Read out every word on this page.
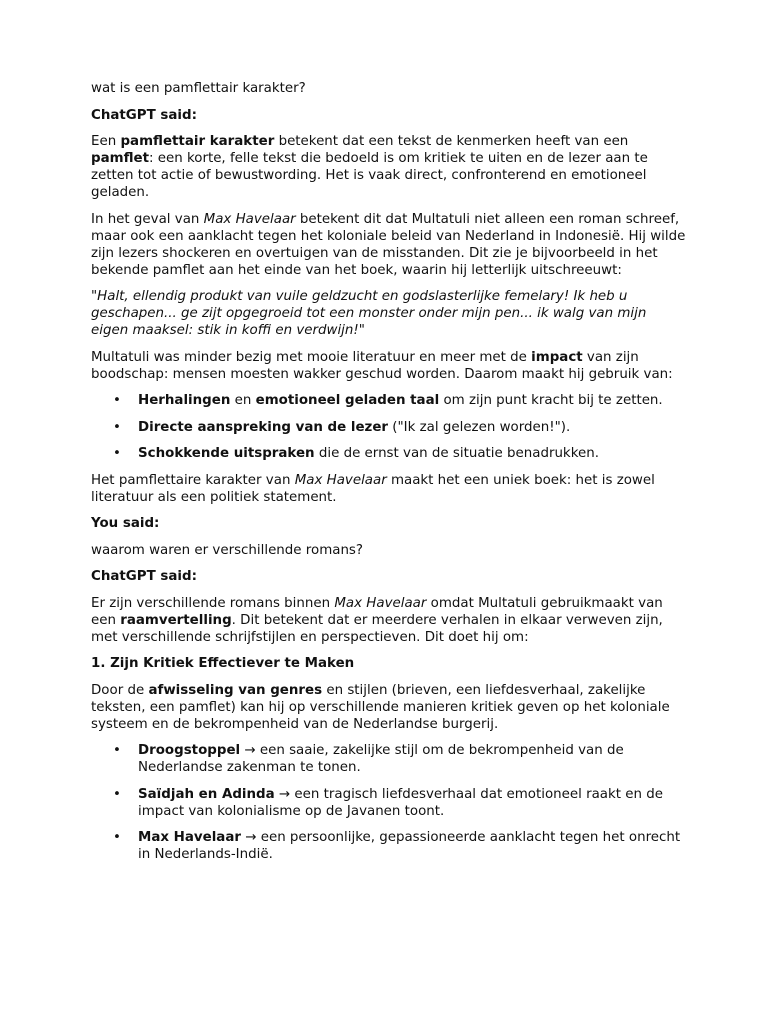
wat is een pamflettair karakter?

ChatGPT said:

Een pamflettair karakter betekent dat een tekst de kenmerken heeft van een pamflet: een korte, felle tekst die bedoeld is om kritiek te uiten en de lezer aan te zetten tot actie of bewustwording. Het is vaak direct, confronterend en emotioneel geladen.

In het geval van Max Havelaar betekent dit dat Multatuli niet alleen een roman schreef, maar ook een aanklacht tegen het koloniale beleid van Nederland in Indonesië. Hij wilde zijn lezers shockeren en overtuigen van de misstanden. Dit zie je bijvoorbeeld in het bekende pamflet aan het einde van het boek, waarin hij letterlijk uitschreeuwt:

"Halt, ellendig produkt van vuile geldzucht en godslasterlijke femelary! Ik heb u geschapen... ge zijt opgegroeid tot een monster onder mijn pen... ik walg van mijn eigen maaksel: stik in koffi en verdwijn!"

Multatuli was minder bezig met mooie literatuur en meer met de impact van zijn boodschap: mensen moesten wakker geschud worden. Daarom maakt hij gebruik van:

• Herhalingen en emotioneel geladen taal om zijn punt kracht bij te zetten.
• Directe aanspreking van de lezer ("Ik zal gelezen worden!").
• Schokkende uitspraken die de ernst van de situatie benadrukken.

Het pamflettaire karakter van Max Havelaar maakt het een uniek boek: het is zowel literatuur als een politiek statement.

You said:

waarom waren er verschillende romans?

ChatGPT said:

Er zijn verschillende romans binnen Max Havelaar omdat Multatuli gebruikmaakt van een raamvertelling. Dit betekent dat er meerdere verhalen in elkaar verweven zijn, met verschillende schrijfstijlen en perspectieven. Dit doet hij om:

1. Zijn Kritiek Effectiever te Maken

Door de afwisseling van genres en stijlen (brieven, een liefdesverhaal, zakelijke teksten, een pamflet) kan hij op verschillende manieren kritiek geven op het koloniale systeem en de bekrompenheid van de Nederlandse burgerij.

• Droogstoppel → een saaie, zakelijke stijl om de bekrompenheid van de Nederlandse zakenman te tonen.
• Saïdjah en Adinda → een tragisch liefdesverhaal dat emotioneel raakt en de impact van kolonialisme op de Javanen toont.
• Max Havelaar → een persoonlijke, gepassioneerde aanklacht tegen het onrecht in Nederlands-Indië.
